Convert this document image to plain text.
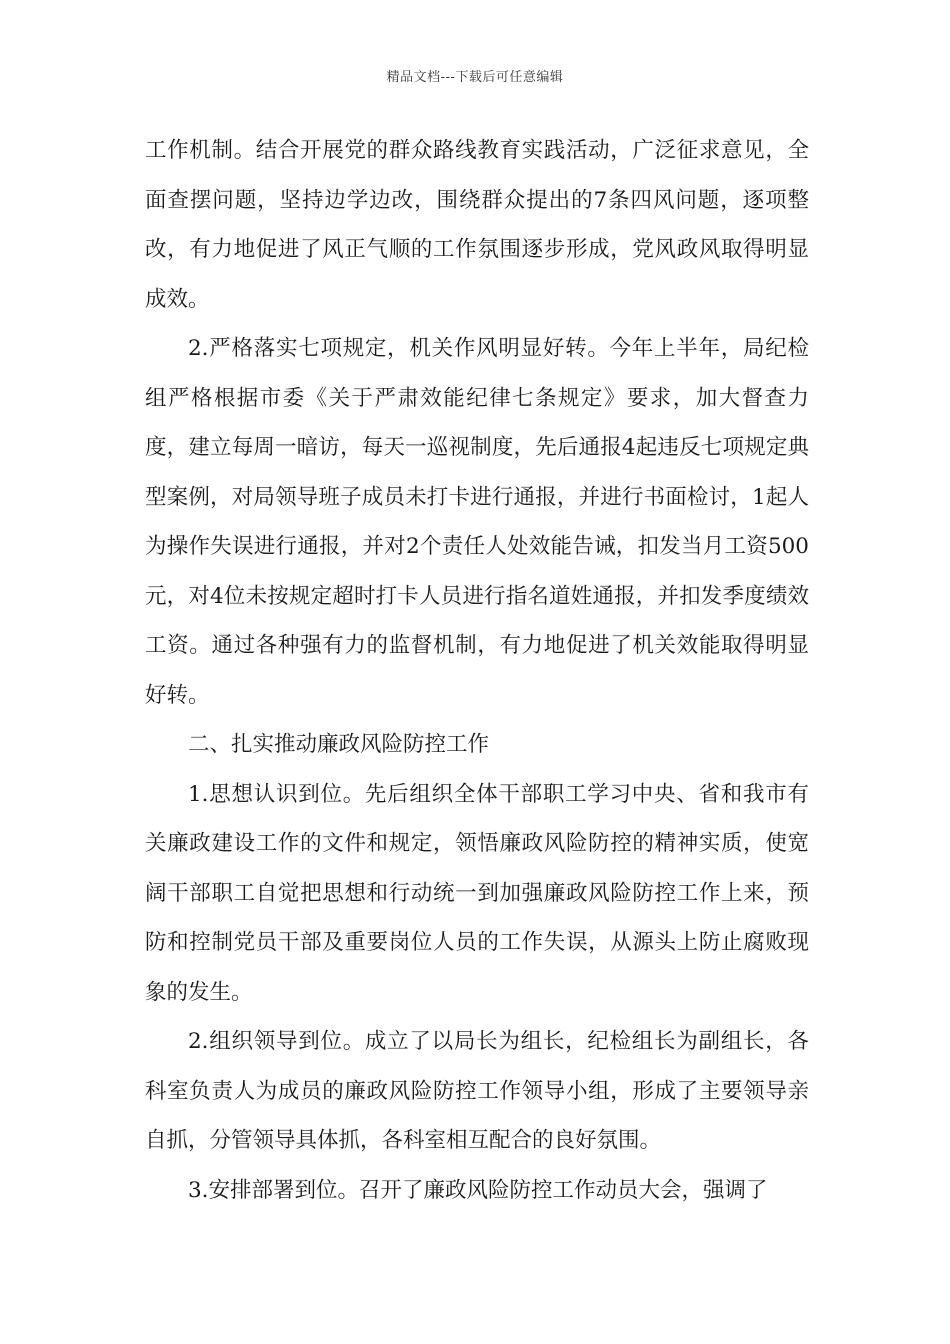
精品文档---下载后可任意编辑

工作机制。结合开展党的群众路线教育实践活动，广泛征求意见，全面查摆问题，坚持边学边改，围绕群众提出的7条四风问题，逐项整改，有力地促进了风正气顺的工作氛围逐步形成，党风政风取得明显成效。

2.严格落实七项规定，机关作风明显好转。今年上半年，局纪检组严格根据市委《关于严肃效能纪律七条规定》要求，加大督查力度，建立每周一暗访，每天一巡视制度，先后通报4起违反七项规定典型案例，对局领导班子成员未打卡进行通报，并进行书面检讨，1起人为操作失误进行通报，并对2个责任人处效能告诫，扣发当月工资500元，对4位未按规定超时打卡人员进行指名道姓通报，并扣发季度绩效工资。通过各种强有力的监督机制，有力地促进了机关效能取得明显好转。

二、扎实推动廉政风险防控工作

1.思想认识到位。先后组织全体干部职工学习中央、省和我市有关廉政建设工作的文件和规定，领悟廉政风险防控的精神实质，使宽阔干部职工自觉把思想和行动统一到加强廉政风险防控工作上来，预防和控制党员干部及重要岗位人员的工作失误，从源头上防止腐败现象的发生。

2.组织领导到位。成立了以局长为组长，纪检组长为副组长，各科室负责人为成员的廉政风险防控工作领导小组，形成了主要领导亲自抓，分管领导具体抓，各科室相互配合的良好氛围。

3.安排部署到位。召开了廉政风险防控工作动员大会，强调了
